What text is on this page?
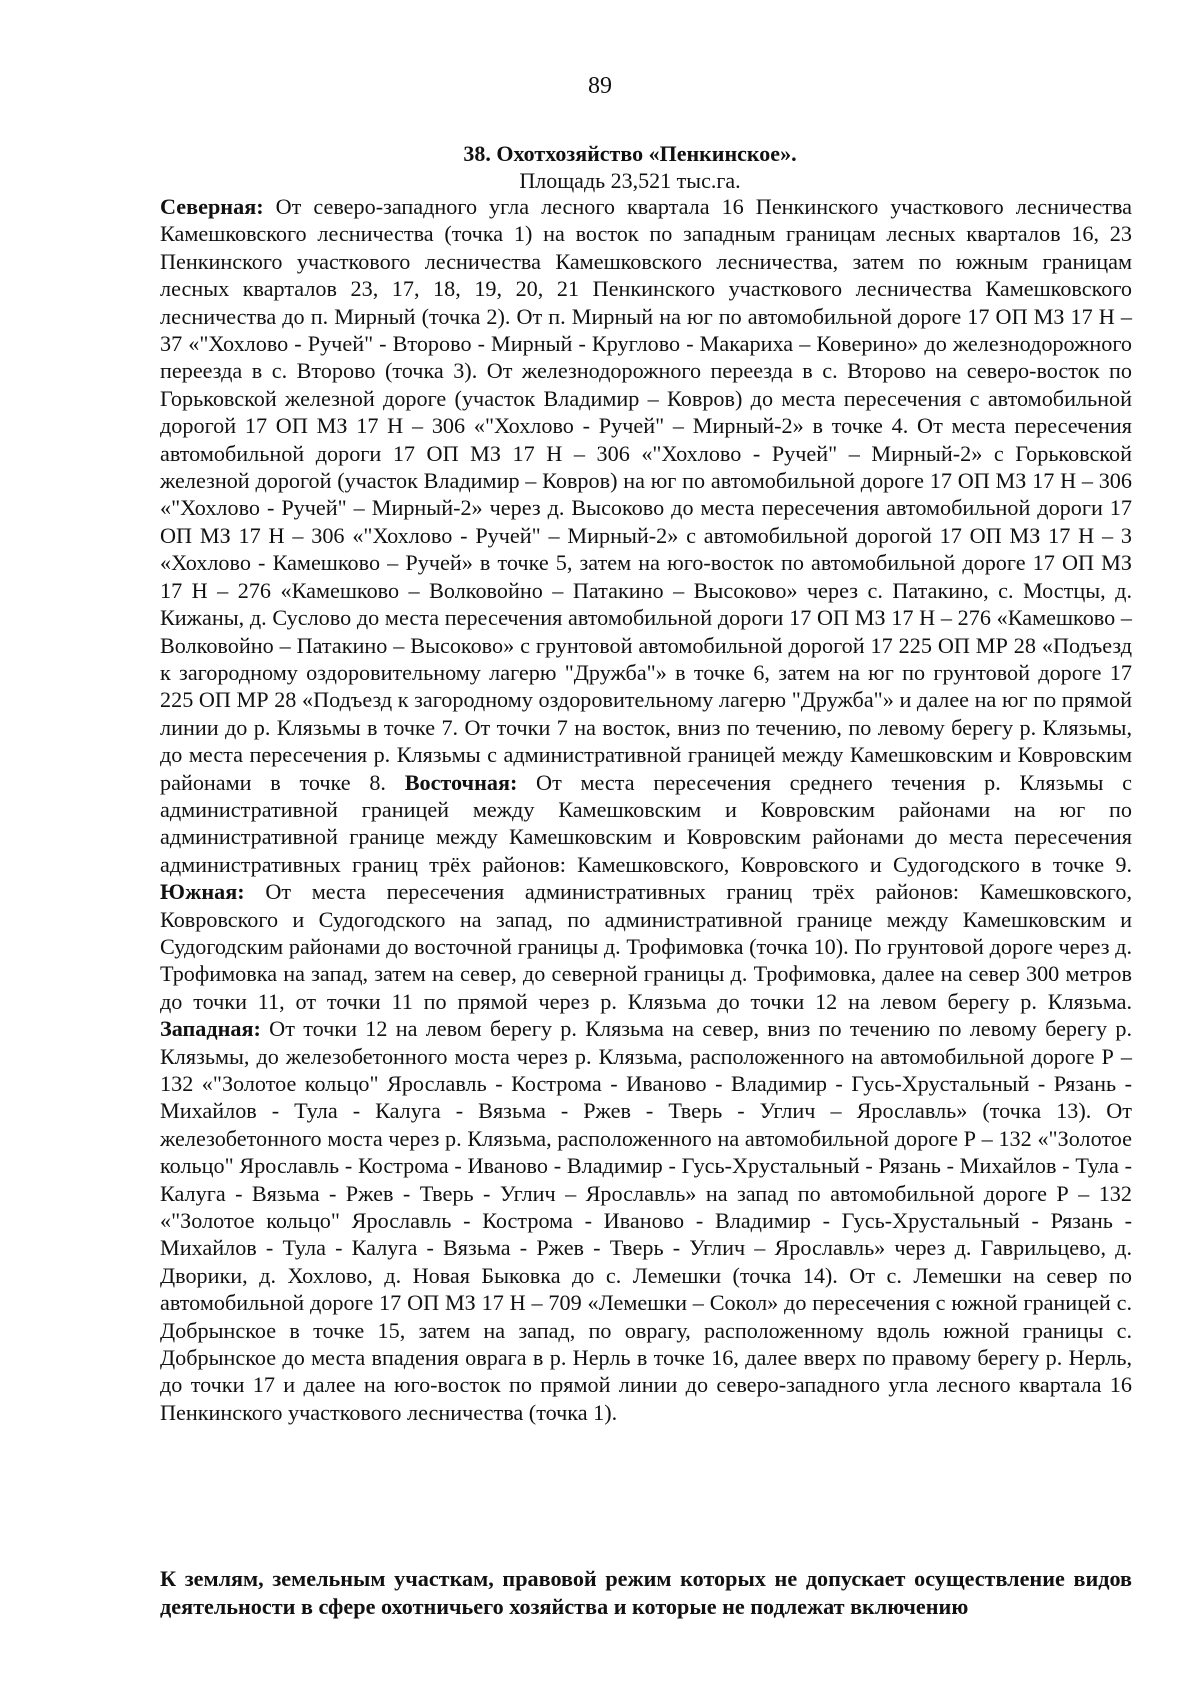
89
38. Охотхозяйство «Пенкинское».
Площадь 23,521 тыс.га.

Северная: От северо-западного угла лесного квартала 16 Пенкинского участкового лесничества Камешковского лесничества (точка 1) на восток по западным границам лесных кварталов 16, 23 Пенкинского участкового лесничества Камешковского лесничества, затем по южным границам лесных кварталов 23, 17, 18, 19, 20, 21 Пенкинского участкового лесничества Камешковского лесничества до п. Мирный (точка 2). От п. Мирный на юг по автомобильной дороге 17 ОП МЗ 17 Н – 37 «"Хохлово - Ручей" - Второво - Мирный - Круглово - Макариха – Коверино» до железнодорожного переезда в с. Второво (точка 3). От железнодорожного переезда в с. Второво на северо-восток по Горьковской железной дороге (участок Владимир – Ковров) до места пересечения с автомобильной дорогой 17 ОП МЗ 17 Н – 306 «"Хохлово - Ручей" – Мирный-2» в точке 4. От места пересечения автомобильной дороги 17 ОП МЗ 17 Н – 306 «"Хохлово - Ручей" – Мирный-2» с Горьковской железной дорогой (участок Владимир – Ковров) на юг по автомобильной дороге 17 ОП МЗ 17 Н – 306 «"Хохлово - Ручей" – Мирный-2» через д. Высоково до места пересечения автомобильной дороги 17 ОП МЗ 17 Н – 306 «"Хохлово - Ручей" – Мирный-2» с автомобильной дорогой 17 ОП МЗ 17 Н – 3 «Хохлово - Камешково – Ручей» в точке 5, затем на юго-восток по автомобильной дороге 17 ОП МЗ 17 Н – 276 «Камешково – Волковойно – Патакино – Высоково» через с. Патакино, с. Мостцы, д. Кижаны, д. Суслово до места пересечения автомобильной дороги 17 ОП МЗ 17 Н – 276 «Камешково – Волковойно – Патакино – Высоково» с грунтовой автомобильной дорогой 17 225 ОП МР 28 «Подъезд к загородному оздоровительному лагерю "Дружба"» в точке 6, затем на юг по грунтовой дороге 17 225 ОП МР 28 «Подъезд к загородному оздоровительному лагерю "Дружба"» и далее на юг по прямой линии до р. Клязьмы в точке 7. От точки 7 на восток, вниз по течению, по левому берегу р. Клязьмы, до места пересечения р. Клязьмы с административной границей между Камешковским и Ковровским районами в точке 8. Восточная: От места пересечения среднего течения р. Клязьмы с административной границей между Камешковским и Ковровским районами на юг по административной границе между Камешковским и Ковровским районами до места пересечения административных границ трёх районов: Камешковского, Ковровского и Судогодского в точке 9. Южная: От места пересечения административных границ трёх районов: Камешковского, Ковровского и Судогодского на запад, по административной границе между Камешковским и Судогодским районами до восточной границы д. Трофимовка (точка 10). По грунтовой дороге через д. Трофимовка на запад, затем на север, до северной границы д. Трофимовка, далее на север 300 метров до точки 11, от точки 11 по прямой через р. Клязьма до точки 12 на левом берегу р. Клязьма. Западная: От точки 12 на левом берегу р. Клязьма на север, вниз по течению по левому берегу р. Клязьмы, до железобетонного моста через р. Клязьма, расположенного на автомобильной дороге Р – 132 «"Золотое кольцо" Ярославль - Кострома - Иваново - Владимир - Гусь-Хрустальный - Рязань - Михайлов - Тула - Калуга - Вязьма - Ржев - Тверь - Углич – Ярославль» (точка 13). От железобетонного моста через р. Клязьма, расположенного на автомобильной дороге Р – 132 «"Золотое кольцо" Ярославль - Кострома - Иваново - Владимир - Гусь-Хрустальный - Рязань - Михайлов - Тула - Калуга - Вязьма - Ржев - Тверь - Углич – Ярославль» на запад по автомобильной дороге Р – 132 «"Золотое кольцо" Ярославль - Кострома - Иваново - Владимир - Гусь-Хрустальный - Рязань - Михайлов - Тула - Калуга - Вязьма - Ржев - Тверь - Углич – Ярославль» через д. Гаврильцево, д. Дворики, д. Хохлово, д. Новая Быковка до с. Лемешки (точка 14). От с. Лемешки на север по автомобильной дороге 17 ОП МЗ 17 Н – 709 «Лемешки – Сокол» до пересечения с южной границей с. Добрынское в точке 15, затем на запад, по оврагу, расположенному вдоль южной границы с. Добрынское до места впадения оврага в р. Нерль в точке 16, далее вверх по правому берегу р. Нерль, до точки 17 и далее на юго-восток по прямой линии до северо-западного угла лесного квартала 16 Пенкинского участкового лесничества (точка 1).

К землям, земельным участкам, правовой режим которых не допускает осуществление видов деятельности в сфере охотничьего хозяйства и которые не подлежат включению
